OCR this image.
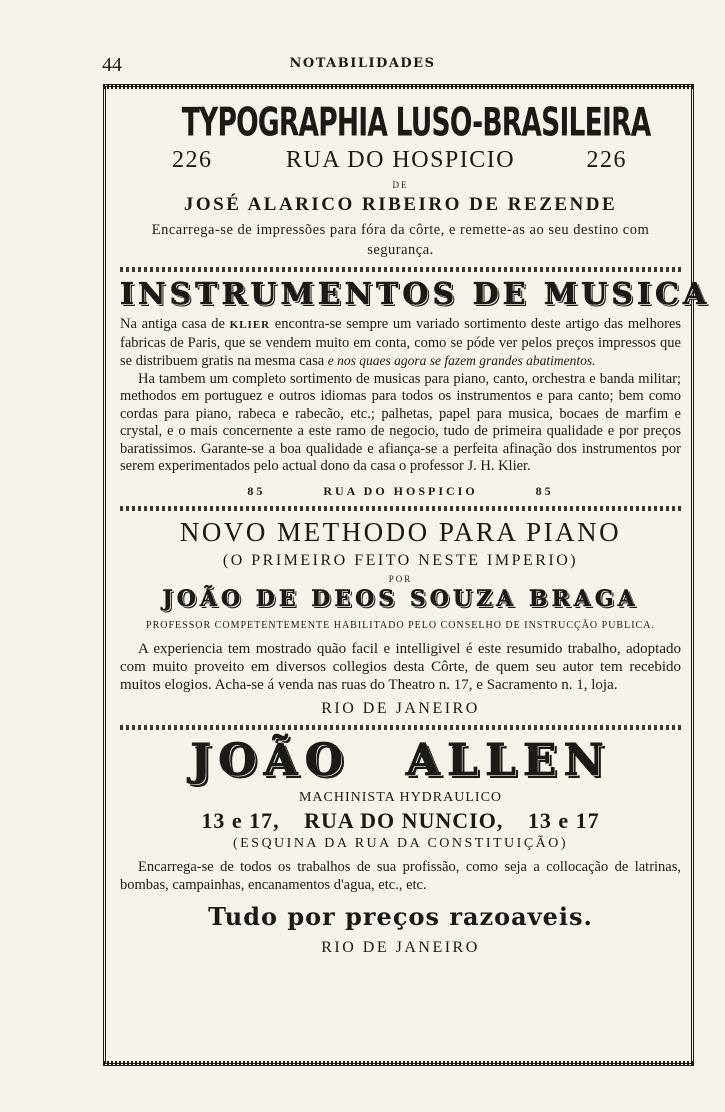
44	NOTABILIDADES
TYPOGRAPHIA LUSO-BRASILEIRA
226	RUA DO HOSPICIO	226
DE
JOSÉ ALARICO RIBEIRO DE REZENDE
Encarrega-se de impressões para fóra da côrte, e remette-as ao seu destino com segurança.
INSTRUMENTOS DE MUSICA

Na antiga casa de KLIER encontra-se sempre um variado sortimento deste artigo das melhores fabricas de Paris, que se vendem muito em conta, como se póde ver pelos preços impressos que se distribuem gratis na mesma casa e nos quaes agora se fazem grandes abatimentos.

Ha tambem um completo sortimento de musicas para piano, canto, orchestra e banda militar; methodos em portuguez e outros idiomas para todos os instrumentos e para canto; bem como cordas para piano, rabeca e rabecão, etc.; palhetas, papel para musica, bocaes de marfim e crystal, e o mais concernente a este ramo de negocio, tudo de primeira qualidade e por preços baratissimos. Garante-se a boa qualidade e afiança-se a perfeita afinação dos instrumentos por serem experimentados pelo actual dono da casa o professor J. H. Klier.

85	RUA DO HOSPICIO	85
NOVO METHODO PARA PIANO
(O PRIMEIRO FEITO NESTE IMPERIO)
POR
JOÃO DE DEOS SOUZA BRAGA
PROFESSOR COMPETENTEMENTE HABILITADO PELO CONSELHO DE INSTRUCÇÃO PUBLICA.

A experiencia tem mostrado quão facil e intelligivel é este resumido trabalho, adoptado com muito proveito em diversos collegios desta Côrte, de quem seu autor tem recebido muitos elogios. Acha-se á venda nas ruas do Theatro n. 17, e Sacramento n. 1, loja.

RIO DE JANEIRO
JOÃO ALLEN
MACHINISTA HYDRAULICO
13 e 17, RUA DO NUNCIO, 13 e 17
(ESQUINA DA RUA DA CONSTITUIÇÃO)

Encarrega-se de todos os trabalhos de sua profissão, como seja a collocação de latrinas, bombas, campainhas, encanamentos d'agua, etc., etc.

Tudo por preços razoaveis.
RIO DE JANEIRO
